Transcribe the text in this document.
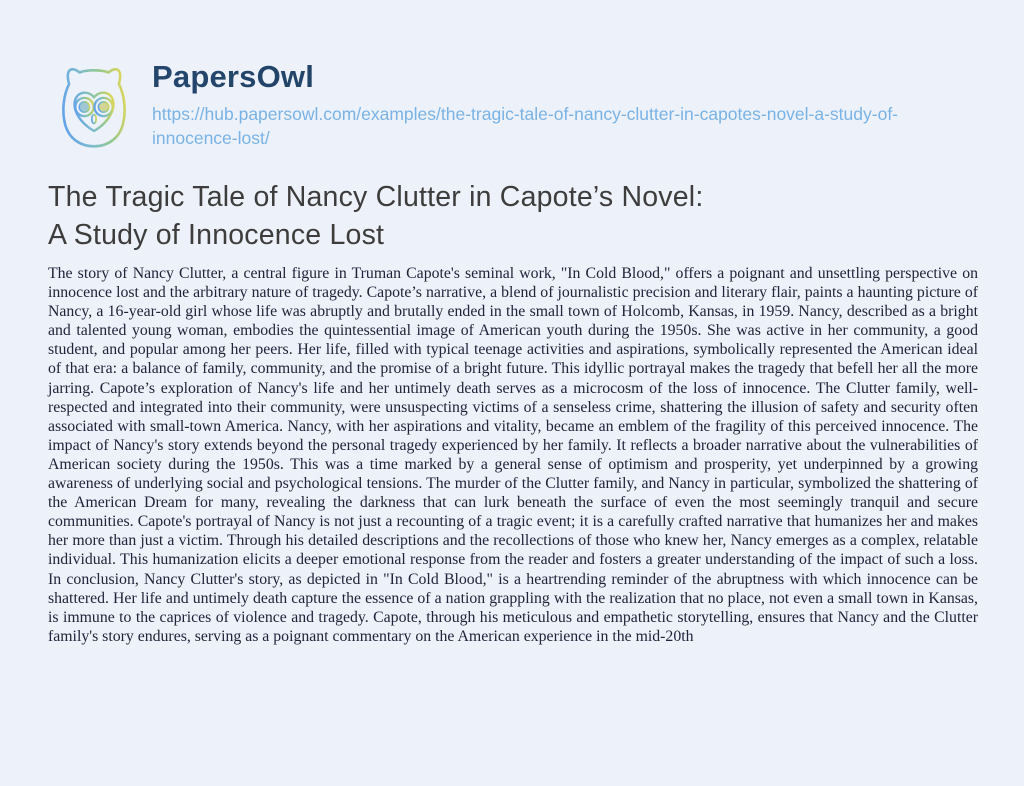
PapersOwl
https://hub.papersowl.com/examples/the-tragic-tale-of-nancy-clutter-in-capotes-novel-a-study-of-innocence-lost/
The Tragic Tale of Nancy Clutter in Capote’s Novel:
A Study of Innocence Lost

The story of Nancy Clutter, a central figure in Truman Capote's seminal work, "In Cold Blood," offers a poignant and unsettling perspective on innocence lost and the arbitrary nature of tragedy. Capote’s narrative, a blend of journalistic precision and literary flair, paints a haunting picture of Nancy, a 16-year-old girl whose life was abruptly and brutally ended in the small town of Holcomb, Kansas, in 1959. Nancy, described as a bright and talented young woman, embodies the quintessential image of American youth during the 1950s. She was active in her community, a good student, and popular among her peers. Her life, filled with typical teenage activities and aspirations, symbolically represented the American ideal of that era: a balance of family, community, and the promise of a bright future. This idyllic portrayal makes the tragedy that befell her all the more jarring. Capote’s exploration of Nancy's life and her untimely death serves as a microcosm of the loss of innocence. The Clutter family, well-respected and integrated into their community, were unsuspecting victims of a senseless crime, shattering the illusion of safety and security often associated with small-town America. Nancy, with her aspirations and vitality, became an emblem of the fragility of this perceived innocence. The impact of Nancy's story extends beyond the personal tragedy experienced by her family. It reflects a broader narrative about the vulnerabilities of American society during the 1950s. This was a time marked by a general sense of optimism and prosperity, yet underpinned by a growing awareness of underlying social and psychological tensions. The murder of the Clutter family, and Nancy in particular, symbolized the shattering of the American Dream for many, revealing the darkness that can lurk beneath the surface of even the most seemingly tranquil and secure communities. Capote's portrayal of Nancy is not just a recounting of a tragic event; it is a carefully crafted narrative that humanizes her and makes her more than just a victim. Through his detailed descriptions and the recollections of those who knew her, Nancy emerges as a complex, relatable individual. This humanization elicits a deeper emotional response from the reader and fosters a greater understanding of the impact of such a loss. In conclusion, Nancy Clutter's story, as depicted in "In Cold Blood," is a heartrending reminder of the abruptness with which innocence can be shattered. Her life and untimely death capture the essence of a nation grappling with the realization that no place, not even a small town in Kansas, is immune to the caprices of violence and tragedy. Capote, through his meticulous and empathetic storytelling, ensures that Nancy and the Clutter family's story endures, serving as a poignant commentary on the American experience in the mid-20th
